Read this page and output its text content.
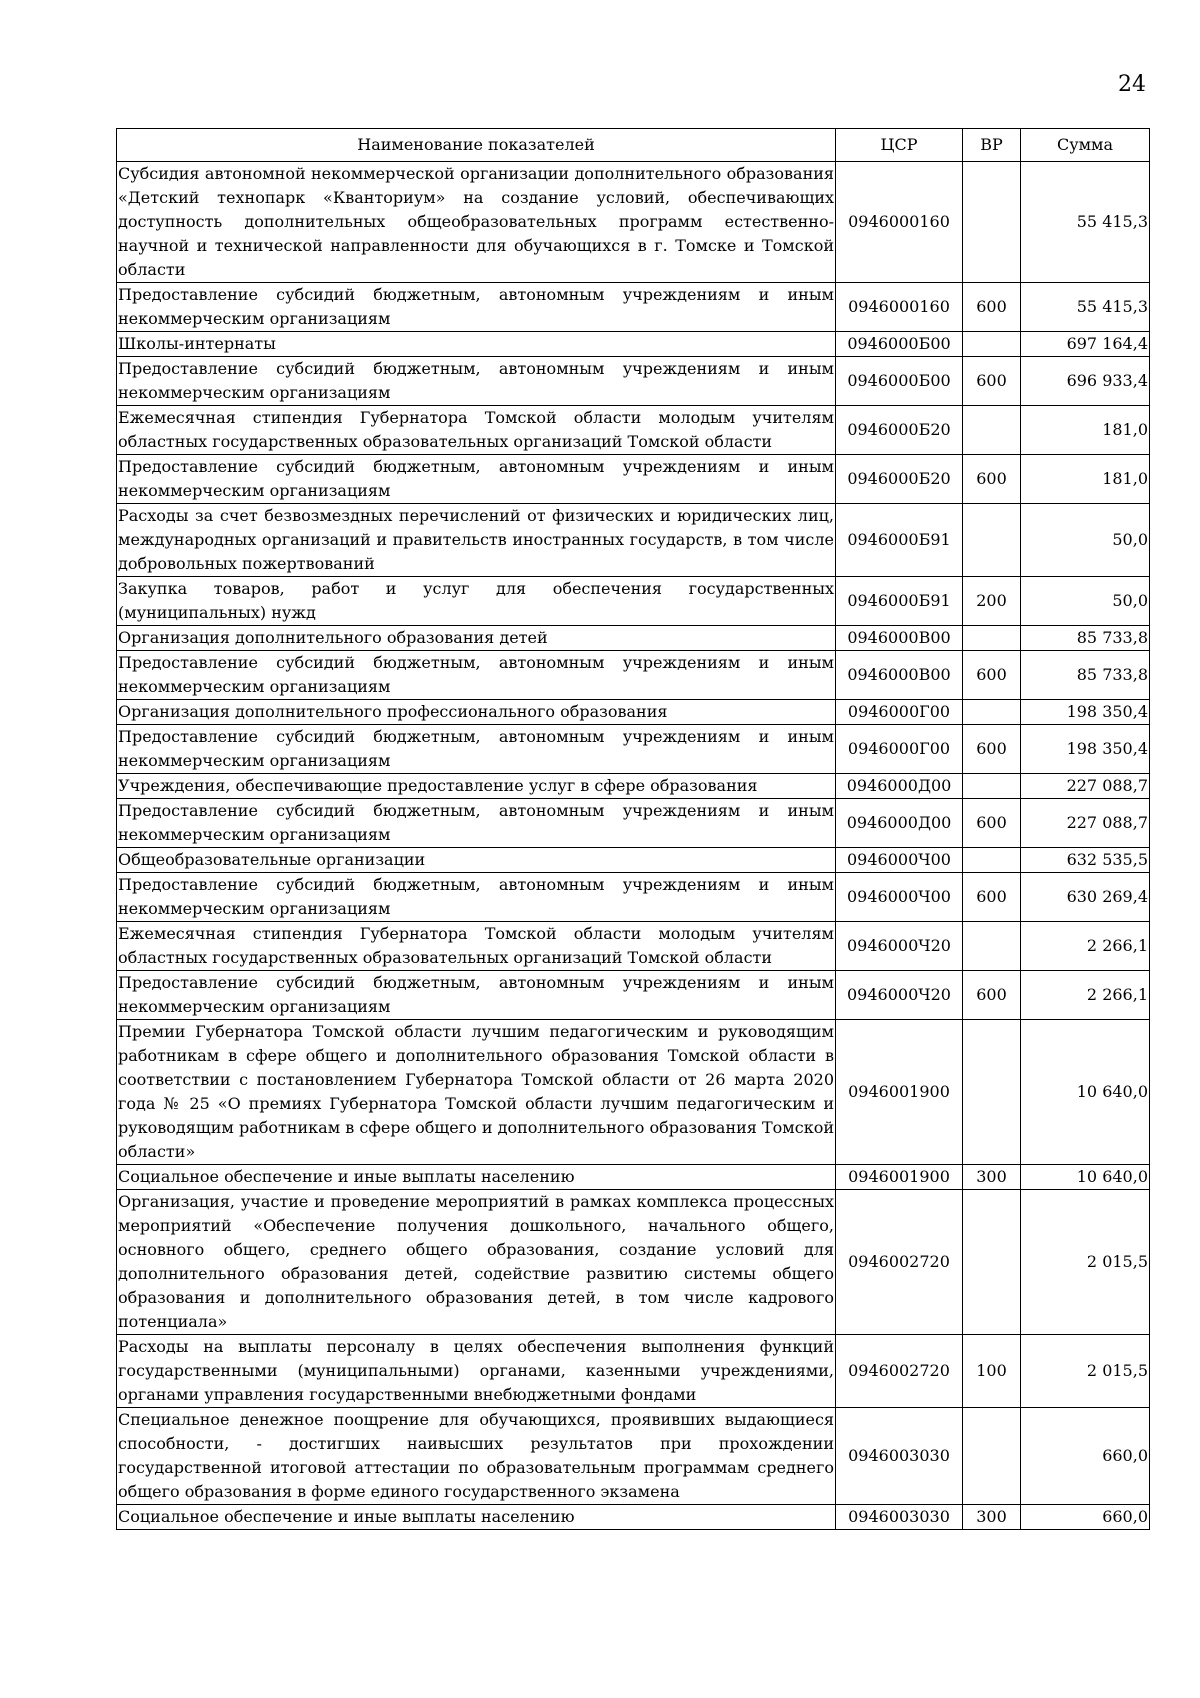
24
Наименование показателей	ЦСР	ВР	Сумма
Субсидия автономной некоммерческой организации дополнительного образования «Детский технопарк «Кванториум» на создание условий, обеспечивающих доступность дополнительных общеобразовательных программ естественно-научной и технической направленности для обучающихся в г. Томске и Томской области	0946000160		55 415,3
Предоставление субсидий бюджетным, автономным учреждениям и иным некоммерческим организациям	0946000160	600	55 415,3
Школы-интернаты	0946000Б00		697 164,4
Предоставление субсидий бюджетным, автономным учреждениям и иным некоммерческим организациям	0946000Б00	600	696 933,4
Ежемесячная стипендия Губернатора Томской области молодым учителям областных государственных образовательных организаций Томской области	0946000Б20		181,0
Предоставление субсидий бюджетным, автономным учреждениям и иным некоммерческим организациям	0946000Б20	600	181,0
Расходы за счет безвозмездных перечислений от физических и юридических лиц, международных организаций и правительств иностранных государств, в том числе добровольных пожертвований	0946000Б91		50,0
Закупка товаров, работ и услуг для обеспечения государственных (муниципальных) нужд	0946000Б91	200	50,0
Организация дополнительного образования детей	0946000В00		85 733,8
Предоставление субсидий бюджетным, автономным учреждениям и иным некоммерческим организациям	0946000В00	600	85 733,8
Организация дополнительного профессионального образования	0946000Г00		198 350,4
Предоставление субсидий бюджетным, автономным учреждениям и иным некоммерческим организациям	0946000Г00	600	198 350,4
Учреждения, обеспечивающие предоставление услуг в сфере образования	0946000Д00		227 088,7
Предоставление субсидий бюджетным, автономным учреждениям и иным некоммерческим организациям	0946000Д00	600	227 088,7
Общеобразовательные организации	0946000Ч00		632 535,5
Предоставление субсидий бюджетным, автономным учреждениям и иным некоммерческим организациям	0946000Ч00	600	630 269,4
Ежемесячная стипендия Губернатора Томской области молодым учителям областных государственных образовательных организаций Томской области	0946000Ч20		2 266,1
Предоставление субсидий бюджетным, автономным учреждениям и иным некоммерческим организациям	0946000Ч20	600	2 266,1
Премии Губернатора Томской области лучшим педагогическим и руководящим работникам в сфере общего и дополнительного образования Томской области в соответствии с постановлением Губернатора Томской области от 26 марта 2020 года № 25 «О премиях Губернатора Томской области лучшим педагогическим и руководящим работникам в сфере общего и дополнительного образования Томской области»	0946001900		10 640,0
Социальное обеспечение и иные выплаты населению	0946001900	300	10 640,0
Организация, участие и проведение мероприятий в рамках комплекса процессных мероприятий «Обеспечение получения дошкольного, начального общего, основного общего, среднего общего образования, создание условий для дополнительного образования детей, содействие развитию системы общего образования и дополнительного образования детей, в том числе кадрового потенциала»	0946002720		2 015,5
Расходы на выплаты персоналу в целях обеспечения выполнения функций государственными (муниципальными) органами, казенными учреждениями, органами управления государственными внебюджетными фондами	0946002720	100	2 015,5
Специальное денежное поощрение для обучающихся, проявивших выдающиеся способности, - достигших наивысших результатов при прохождении государственной итоговой аттестации по образовательным программам среднего общего образования в форме единого государственного экзамена	0946003030		660,0
Социальное обеспечение и иные выплаты населению	0946003030	300	660,0
